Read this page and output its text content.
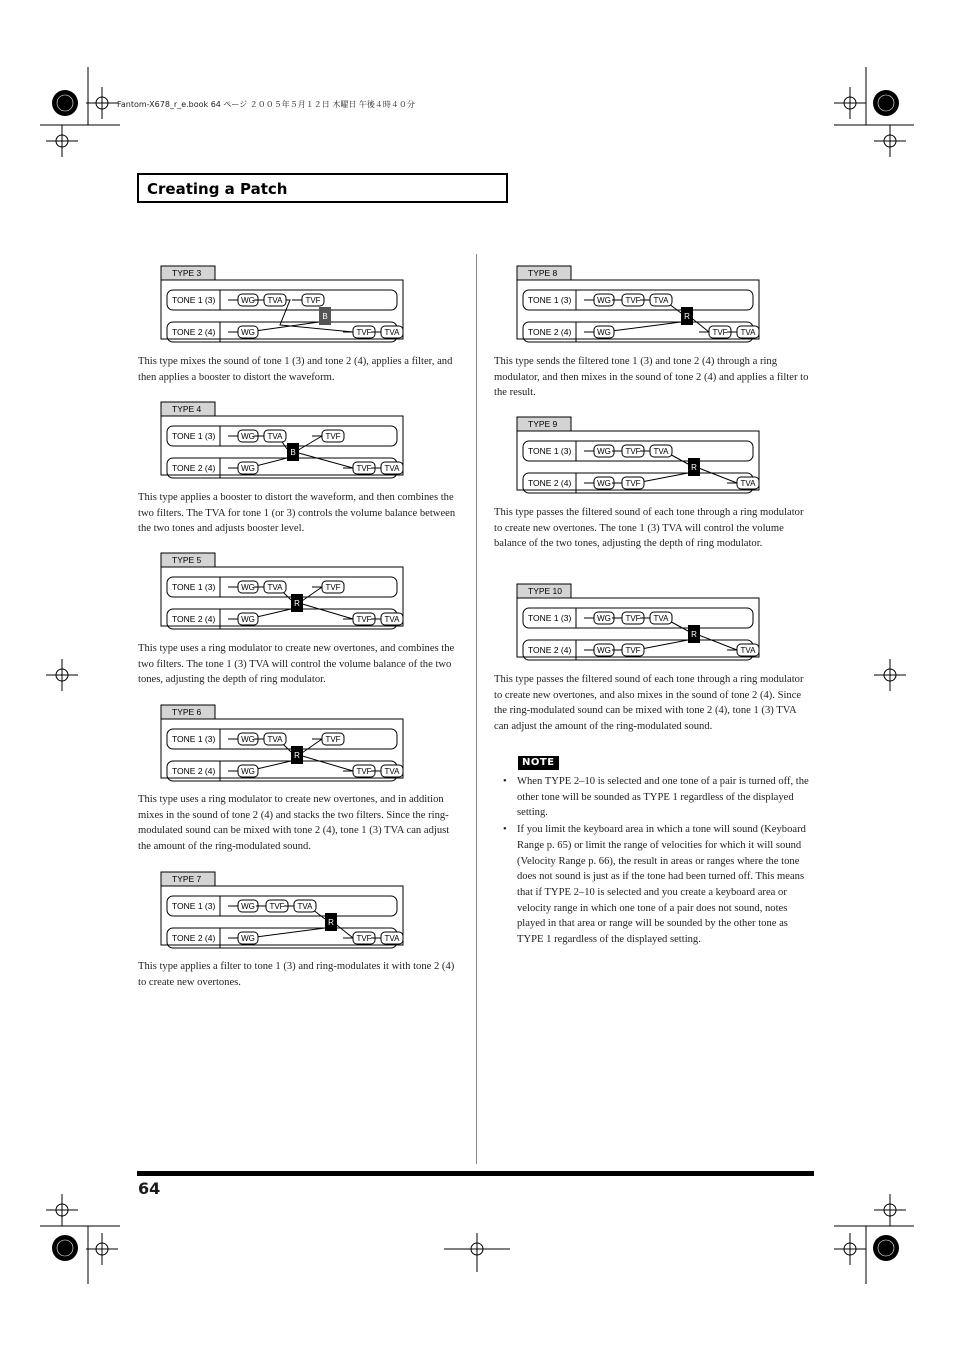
Fantom-X678_r_e.book 64 ページ ２００５年５月１２日 木曜日 午後４時４０分
Creating a Patch
TYPE 3
TONE 1 (3)
TONE 2 (4)
WG TVA	TVF
WG	TVF TVA
B
TYPE 4
TONE 1 (3)
TONE 2 (4)
WG TVA	TVF
WG	TVF TVA
B
TYPE 5
TONE 1 (3)
TONE 2 (4)
WG TVA	TVF
WG	TVF TVA
R
TYPE 6
TONE 1 (3)
TONE 2 (4)
WG TVA	TVF
WG	TVF TVA
R
TYPE 7
TONE 1 (3)
TONE 2 (4)
WG TVF TVA
WG	TVF TVA
R
TYPE 8
TONE 1 (3)
TONE 2 (4)
WG TVF TVA
WG	TVF TVA
R
TYPE 9
TONE 1 (3)
TONE 2 (4)
WG TVF TVA
WG TVF	TVA
R
TYPE 10
TONE 1 (3)
TONE 2 (4)
WG TVF TVA
WG TVF	TVA
R
This type mixes the sound of tone 1 (3) and tone 2 (4), applies a filter, and then applies a booster to distort the waveform.
This type applies a booster to distort the waveform, and then combines the two filters. The TVA for tone 1 (or 3) controls the volume balance between the two tones and adjusts booster level.
This type uses a ring modulator to create new overtones, and combines the two filters. The tone 1 (3) TVA will control the volume balance of the two tones, adjusting the depth of ring modulator.
This type uses a ring modulator to create new overtones, and in addition mixes in the sound of tone 2 (4) and stacks the two filters. Since the ring-modulated sound can be mixed with tone 2 (4), tone 1 (3) TVA can adjust the amount of the ring-modulated sound.
This type applies a filter to tone 1 (3) and ring-modulates it with tone 2 (4) to create new overtones.
This type sends the filtered tone 1 (3) and tone 2 (4) through a ring modulator, and then mixes in the sound of tone 2 (4) and applies a filter to the result.
This type passes the filtered sound of each tone through a ring modulator to create new overtones. The tone 1 (3) TVA will control the volume balance of the two tones, adjusting the depth of ring modulator.
This type passes the filtered sound of each tone through a ring modulator to create new overtones, and also mixes in the sound of tone 2 (4). Since the ring-modulated sound can be mixed with tone 2 (4), tone 1 (3) TVA can adjust the amount of the ring-modulated sound.
NOTE
• When TYPE 2–10 is selected and one tone of a pair is turned off, the other tone will be sounded as TYPE 1 regardless of the displayed setting.
• If you limit the keyboard area in which a tone will sound (Keyboard Range p. 65) or limit the range of velocities for which it will sound (Velocity Range p. 66), the result in areas or ranges where the tone does not sound is just as if the tone had been turned off. This means that if TYPE 2–10 is selected and you create a keyboard area or velocity range in which one tone of a pair does not sound, notes played in that area or range will be sounded by the other tone as TYPE 1 regardless of the displayed setting.
64
